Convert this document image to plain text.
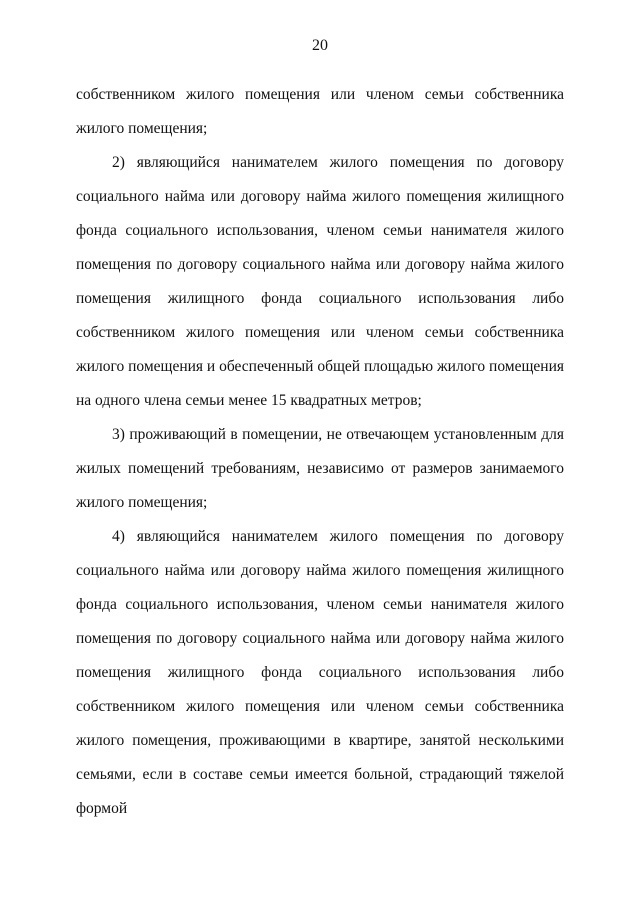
20

собственником жилого помещения или членом семьи собственника жилого помещения;

2) являющийся нанимателем жилого помещения по договору социального найма или договору найма жилого помещения жилищного фонда социального использования, членом семьи нанимателя жилого помещения по договору социального найма или договору найма жилого помещения жилищного фонда социального использования либо собственником жилого помещения или членом семьи собственника жилого помещения и обеспеченный общей площадью жилого помещения на одного члена семьи менее 15 квадратных метров;

3) проживающий в помещении, не отвечающем установленным для жилых помещений требованиям, независимо от размеров занимаемого жилого помещения;

4) являющийся нанимателем жилого помещения по договору социального найма или договору найма жилого помещения жилищного фонда социального использования, членом семьи нанимателя жилого помещения по договору социального найма или договору найма жилого помещения жилищного фонда социального использования либо собственником жилого помещения или членом семьи собственника жилого помещения, проживающими в квартире, занятой несколькими семьями, если в составе семьи имеется больной, страдающий тяжелой формой
